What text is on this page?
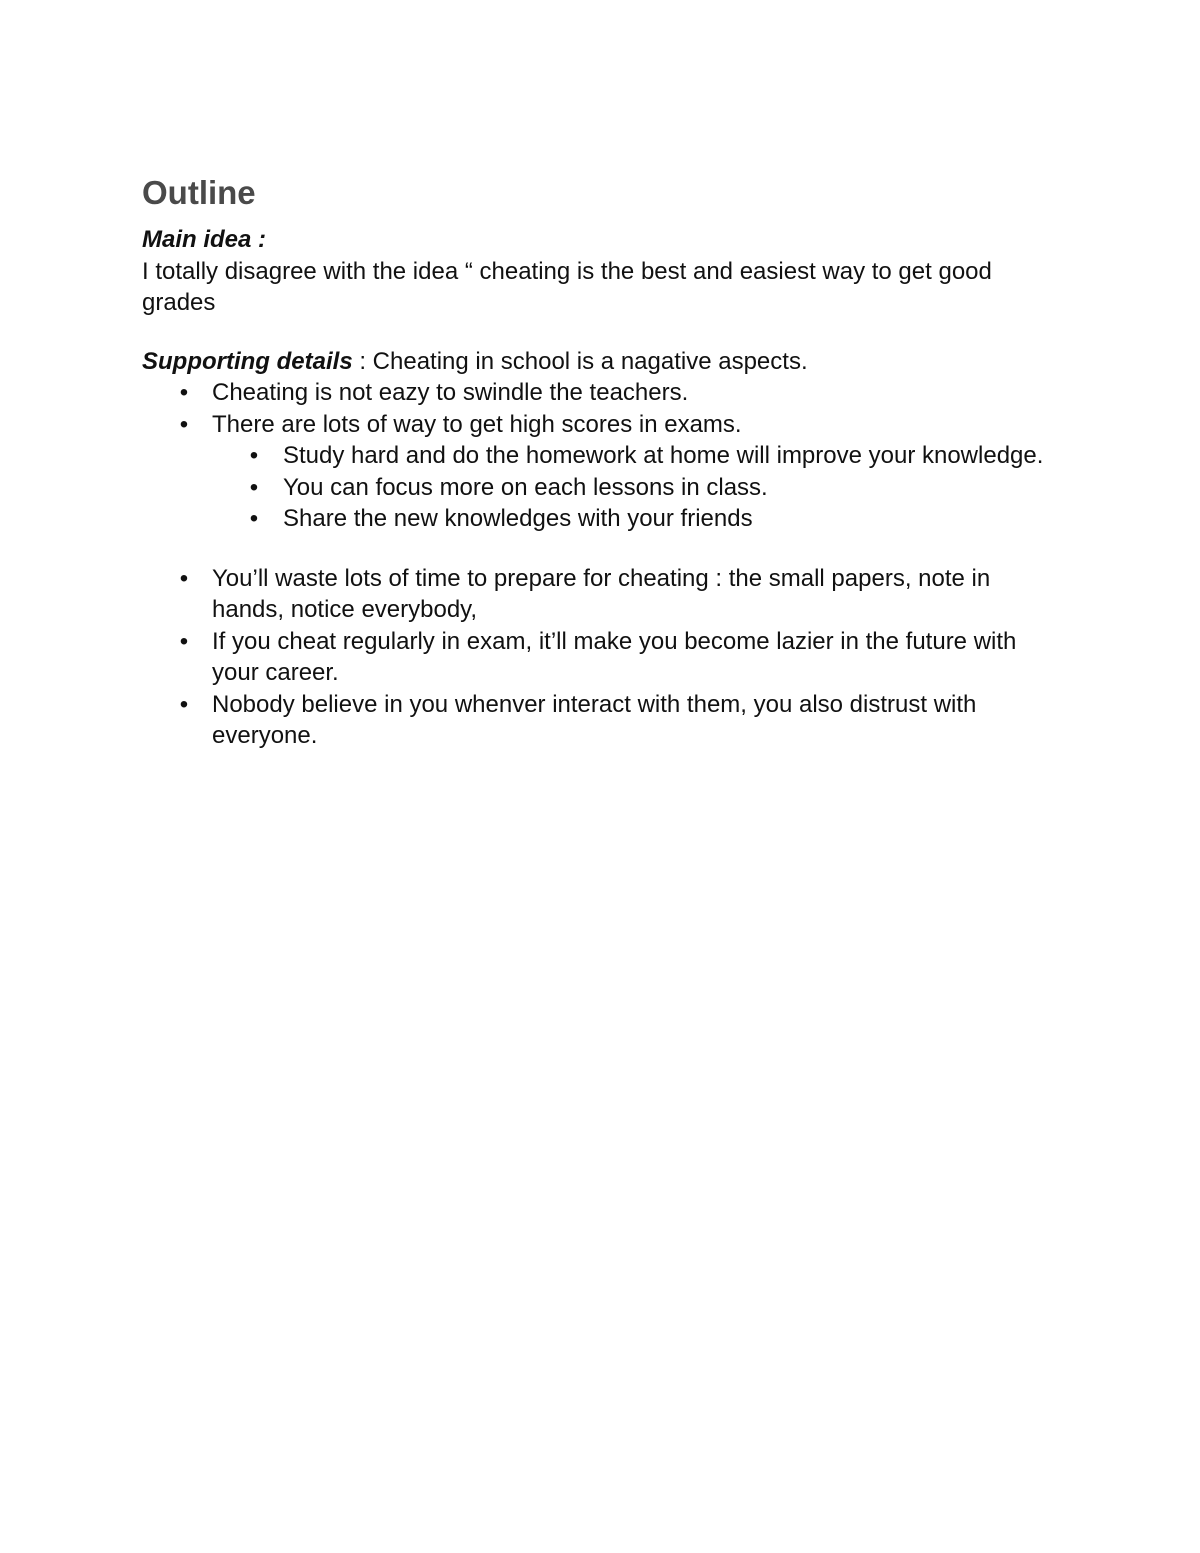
Outline
Main idea :

I totally disagree with the idea “ cheating is the best and easiest way to get good grades

Supporting details : Cheating in school is a nagative aspects.
• Cheating is not eazy to swindle the teachers.
• There are lots of way to get high scores in exams.
• Study hard and do the homework at home will improve your knowledge.
• You can focus more on each lessons in class.
• Share the new knowledges with your friends
• You’ll waste lots of time to prepare for cheating : the small papers, note in hands, notice everybody,
• If you cheat regularly in exam, it’ll make you become lazier in the future with your career.
• Nobody believe in you whenver interact with them, you also distrust with everyone.
